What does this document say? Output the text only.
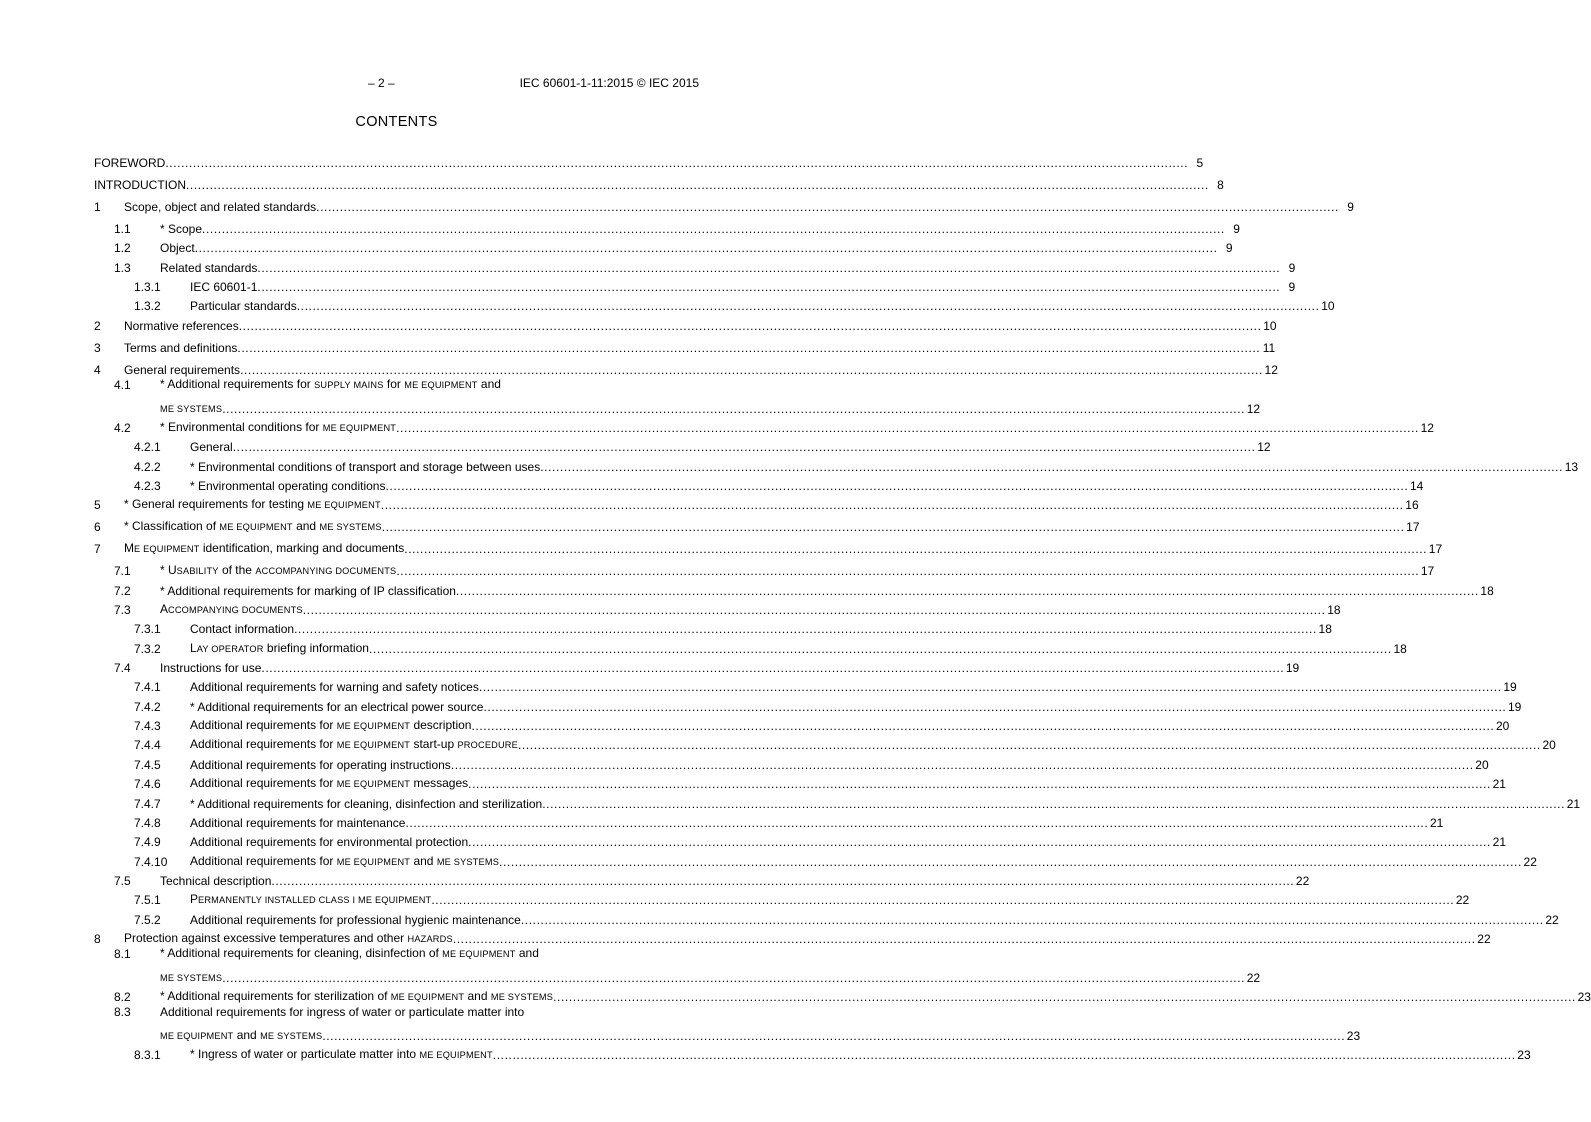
– 2 –	IEC 60601-1-11:2015 © IEC 2015
CONTENTS
FOREWORD .................................................................................................................................................................................................................................................................... 5
INTRODUCTION .................................................................................................................................................................................................................................................................... 8
1	Scope, object and related standards .................................................................................................................................................................................................................................................................... 9
1.1	* Scope .................................................................................................................................................................................................................................................................... 9
1.2	Object .................................................................................................................................................................................................................................................................... 9
1.3	Related standards .................................................................................................................................................................................................................................................................... 9
1.3.1	IEC 60601-1 .................................................................................................................................................................................................................................................................... 9
1.3.2	Particular standards .................................................................................................................................................................................................................................................................... 10
2	Normative references .................................................................................................................................................................................................................................................................... 10
3	Terms and definitions .................................................................................................................................................................................................................................................................... 11
4	General requirements .................................................................................................................................................................................................................................................................... 12
4.1	* Additional requirements for SUPPLY MAINS for ME EQUIPMENT and
ME SYSTEMS .................................................................................................................................................................................................................................................................... 12
4.2	* Environmental conditions for ME EQUIPMENT .................................................................................................................................................................................................................................................................... 12
4.2.1	General .................................................................................................................................................................................................................................................................... 12
4.2.2	* Environmental conditions of transport and storage between uses .................................................................................................................................................................................................................................................................... 13
4.2.3	* Environmental operating conditions .................................................................................................................................................................................................................................................................... 14
5	* General requirements for testing ME EQUIPMENT .................................................................................................................................................................................................................................................................... 16
6	* Classification of ME EQUIPMENT and ME SYSTEMS .................................................................................................................................................................................................................................................................... 17
7	ME EQUIPMENT identification, marking and documents .................................................................................................................................................................................................................................................................... 17
7.1	* USABILITY of the ACCOMPANYING DOCUMENTS .................................................................................................................................................................................................................................................................... 17
7.2	* Additional requirements for marking of IP classification .................................................................................................................................................................................................................................................................... 18
7.3	ACCOMPANYING DOCUMENTS .................................................................................................................................................................................................................................................................... 18
7.3.1	Contact information .................................................................................................................................................................................................................................................................... 18
7.3.2	LAY OPERATOR briefing information .................................................................................................................................................................................................................................................................... 18
7.4	Instructions for use .................................................................................................................................................................................................................................................................... 19
7.4.1	Additional requirements for warning and safety notices .................................................................................................................................................................................................................................................................... 19
7.4.2	* Additional requirements for an electrical power source .................................................................................................................................................................................................................................................................... 19
7.4.3	Additional requirements for ME EQUIPMENT description .................................................................................................................................................................................................................................................................... 20
7.4.4	Additional requirements for ME EQUIPMENT start-up PROCEDURE .................................................................................................................................................................................................................................................................... 20
7.4.5	Additional requirements for operating instructions .................................................................................................................................................................................................................................................................... 20
7.4.6	Additional requirements for ME EQUIPMENT messages .................................................................................................................................................................................................................................................................... 21
7.4.7	* Additional requirements for cleaning, disinfection and sterilization .................................................................................................................................................................................................................................................................... 21
7.4.8	Additional requirements for maintenance .................................................................................................................................................................................................................................................................... 21
7.4.9	Additional requirements for environmental protection .................................................................................................................................................................................................................................................................... 21
7.4.10	Additional requirements for ME EQUIPMENT and ME SYSTEMS .................................................................................................................................................................................................................................................................... 22
7.5	Technical description .................................................................................................................................................................................................................................................................... 22
7.5.1	PERMANENTLY INSTALLED CLASS I ME EQUIPMENT .................................................................................................................................................................................................................................................................... 22
7.5.2	Additional requirements for professional hygienic maintenance .................................................................................................................................................................................................................................................................... 22
8	Protection against excessive temperatures and other HAZARDS .................................................................................................................................................................................................................................................................... 22
8.1	* Additional requirements for cleaning, disinfection of ME EQUIPMENT and
ME SYSTEMS .................................................................................................................................................................................................................................................................... 22
8.2	* Additional requirements for sterilization of ME EQUIPMENT and ME SYSTEMS .................................................................................................................................................................................................................................................................... 23
8.3	Additional requirements for ingress of water or particulate matter into
ME EQUIPMENT and ME SYSTEMS .................................................................................................................................................................................................................................................................... 23
8.3.1	* Ingress of water or particulate matter into ME EQUIPMENT .................................................................................................................................................................................................................................................................... 23
